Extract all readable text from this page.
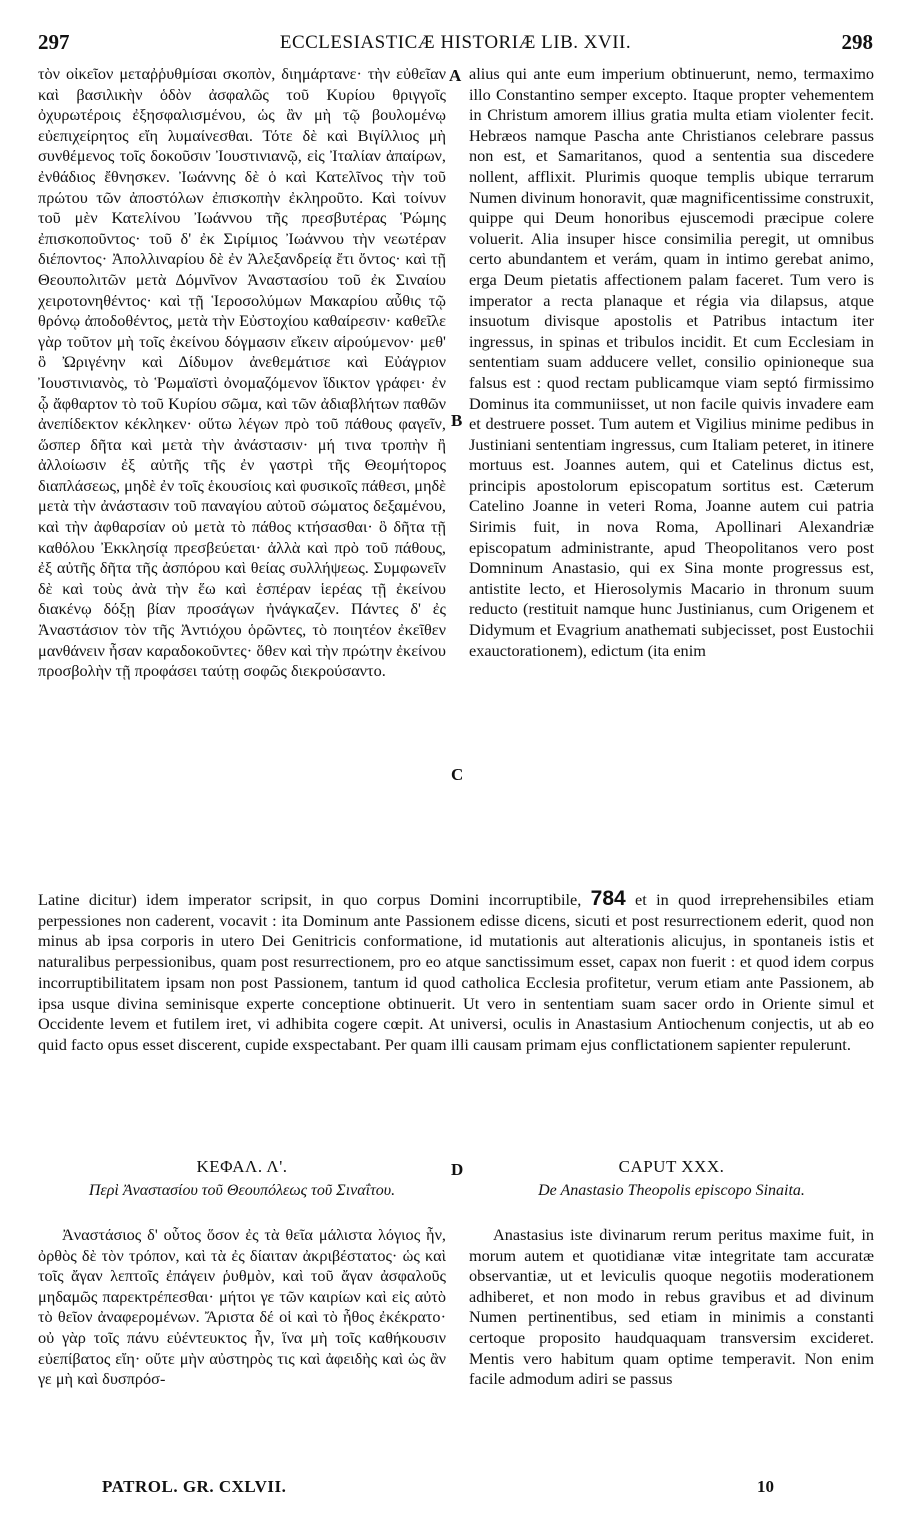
297	ECCLESIASTICÆ HISTORIÆ LIB. XVII.	298

τὸν οἰκεῖον μεταῤῥυθμίσαι σκοπὸν, διημάρτανε· τὴν εὐθεῖαν καὶ βασιλικὴν ὁδὸν ἀσφαλῶς τοῦ Κυρίου θριγγοῖς ὀχυρωτέροις ἐξησφαλισμένου, ὡς ἂν μὴ τῷ βουλομένῳ εὐεπιχείρητος εἴη λυμαίνεσθαι. Τότε δὲ καὶ Βιγίλλιος μὴ συνθέμενος τοῖς δοκοῦσιν Ἰουστινιανῷ, εἰς Ἰταλίαν ἀπαίρων, ἐνθάδιος ἔθνησκεν. Ἰωάννης δὲ ὁ καὶ Κατελῖνος τὴν τοῦ πρώτου τῶν ἀποστόλων ἐπισκοπὴν ἐκληροῦτο. Καὶ τοίνυν τοῦ μὲν Κατελίνου Ἰωάννου τῆς πρεσβυτέρας Ῥώμης ἐπισκοποῦντος· τοῦ δ' ἐκ Σιρίμιος Ἰωάννου τὴν νεωτέραν διέποντος· Ἀπολλιναρίου δὲ ἐν Ἀλεξανδρείᾳ ἔτι ὄντος· καὶ τῇ Θεουπολιτῶν μετὰ Δόμνῖνον Ἀναστασίου τοῦ ἐκ Σιναίου χειροτονηθέντος· καὶ τῇ Ἱεροσολύμων Μακαρίου αὖθις τῷ θρόνῳ ἀποδοθέντος, μετὰ τὴν Εὐστοχίου καθαίρεσιν· καθεῖλε γὰρ τοῦτον μὴ τοῖς ἐκείνου δόγμασιν εἴκειν αἱρούμενον· μεθ' ὃ Ὠριγένην καὶ Δίδυμον ἀνεθεμάτισε καὶ Εὐάγριον Ἰουστινιανὸς, τὸ Ῥωμαϊστὶ ὀνομαζόμενον ἴδικτον γράφει· ἐν ᾧ ἄφθαρτον τὸ τοῦ Κυρίου σῶμα, καὶ τῶν ἀδιαβλήτων παθῶν ἀνεπίδεκτον κέκληκεν· οὕτω λέγων πρὸ τοῦ πάθους φαγεῖν, ὥσπερ δῆτα καὶ μετὰ τὴν ἀνάστασιν· μή τινα τροπὴν ἢ ἀλλοίωσιν ἐξ αὐτῆς τῆς ἐν γαστρὶ τῆς Θεομήτορος διαπλάσεως, μηδὲ ἐν τοῖς ἑκουσίοις καὶ φυσικοῖς πάθεσι, μηδὲ μετὰ τὴν ἀνάστασιν τοῦ παναγίου αὐτοῦ σώματος δεξαμένου, καὶ τὴν ἀφθαρσίαν οὐ μετὰ τὸ πάθος κτήσασθαι· ὃ δῆτα τῇ καθόλου Ἐκκλησίᾳ πρεσβεύεται· ἀλλὰ καὶ πρὸ τοῦ πάθους, ἐξ αὐτῆς δῆτα τῆς ἀσπόρου καὶ θείας συλλήψεως. Συμφωνεῖν δὲ καὶ τοὺς ἀνὰ τὴν ἕω καὶ ἑσπέραν ἱερέας τῇ ἐκείνου διακένῳ δόξῃ βίαν προσάγων ἠνάγκαζεν. Πάντες δ' ἐς Ἀναστάσιον τὸν τῆς Ἀντιόχου ὁρῶντες, τὸ ποιητέον ἐκεῖθεν μανθάνειν ἦσαν καραδοκοῦντες· ὅθεν καὶ τὴν πρώτην ἐκείνου προσβολὴν τῇ προφάσει ταύτῃ σοφῶς διεκρούσαντο.

alius qui ante eum imperium obtinuerunt, nemo, termaximo illo Constantino semper excepto. Itaque propter vehementem in Christum amorem illius gratia multa etiam violenter fecit. Hebræos namque Pascha ante Christianos celebrare passus non est, et Samaritanos, quod a sententia sua discedere nollent, afflixit. Plurimis quoque templis ubique terrarum Numen divinum honoravit, quæ magnificentissime construxit, quippe qui Deum honoribus ejuscemodi præcipue colere voluerit. Alia insuper hisce consimilia peregit, ut omnibus certo abundantem et verám, quam in intimo gerebat animo, erga Deum pietatis affectionem palam faceret. Tum vero is imperator a recta planaque et régia via dilapsus, atque insuotum divisque apostolis et Patribus intactum iter ingressus, in spinas et tribulos incidit. Et cum Ecclesiam in sententiam suam adducere vellet, consilio opinioneque sua falsus est : quod rectam publicamque viam septó firmissimo Dominus ita communiisset, ut non facile quivis invadere eam et destruere posset. Tum autem et Vigilius minime pedibus in Justiniani sententiam ingressus, cum Italiam peteret, in itinere mortuus est. Joannes autem, qui et Catelinus dictus est, principis apostolorum episcopatum sortitus est. Cæterum Catelino Joanne in veteri Roma, Joanne autem cui patria Sirimis fuit, in nova Roma, Apollinari Alexandriæ episcopatum administrante, apud Theopolitanos vero post Domninum Anastasio, qui ex Sina monte progressus est, antistite lecto, et Hierosolymis Macario in thronum suum reducto (restituit namque hunc Justinianus, cum Origenem et Didymum et Evagrium anathemati subjecisset, post Eustochii exauctorationem), edictum (ita enim

A
B
C
D

Latine dicitur) idem imperator scripsit, in quo corpus Domini incorruptibile, 784 et in quod irreprehensibiles etiam perpessiones non caderent, vocavit : ita Dominum ante Passionem edisse dicens, sicuti et post resurrectionem ederit, quod non minus ab ipsa corporis in utero Dei Genitricis conformatione, id mutationis aut alterationis alicujus, in spontaneis istis et naturalibus perpessionibus, quam post resurrectionem, pro eo atque sanctissimum esset, capax non fuerit : et quod idem corpus incorruptibilitatem ipsam non post Passionem, tantum id quod catholica Ecclesia profitetur, verum etiam ante Passionem, ab ipsa usque divina seminisque experte conceptione obtinuerit. Ut vero in sententiam suam sacer ordo in Oriente simul et Occidente levem et futilem iret, vi adhibita cogere cœpit. At universi, oculis in Anastasium Antiochenum conjectis, ut ab eo quid facto opus esset discerent, cupide exspectabant. Per quam illi causam primam ejus conflictationem sapienter repulerunt.

ΚΕΦΑΛ. Λ'.
Περὶ Ἀναστασίου τοῦ Θεουπόλεως τοῦ Σιναΐτου.
CAPUT XXX.
De Anastasio Theopolis episcopo Sinaita.

Ἀναστάσιος δ' οὗτος ὅσον ἐς τὰ θεῖα μάλιστα λόγιος ἦν, ὀρθὸς δὲ τὸν τρόπον, καὶ τὰ ἐς δίαιταν ἀκριβέστατος· ὡς καὶ τοῖς ἄγαν λεπτοῖς ἐπάγειν ῥυθμὸν, καὶ τοῦ ἄγαν ἀσφαλοῦς μηδαμῶς παρεκτρέπεσθαι· μήτοι γε τῶν καιρίων καὶ εἰς αὐτὸ τὸ θεῖον ἀναφερομένων. Ἄριστα δέ οἱ καὶ τὸ ἦθος ἐκέκρατο· οὐ γὰρ τοῖς πάνυ εὐέντευκτος ἦν, ἵνα μὴ τοῖς καθήκουσιν εὐεπίβατος εἴη· οὔτε μὴν αὐστηρὸς τις καὶ ἀφειδὴς καὶ ὡς ἂν γε μὴ καὶ δυσπρόσ-

Anastasius iste divinarum rerum peritus maxime fuit, in morum autem et quotidianæ vitæ integritate tam accuratæ observantiæ, ut et leviculis quoque negotiis moderationem adhiberet, et non modo in rebus gravibus et ad divinum Numen pertinentibus, sed etiam in minimis a constanti certoque proposito haudquaquam transversim excideret. Mentis vero habitum quam optime temperavit. Non enim facile admodum adiri se passus

PATROL. GR. CXLVII.	10
